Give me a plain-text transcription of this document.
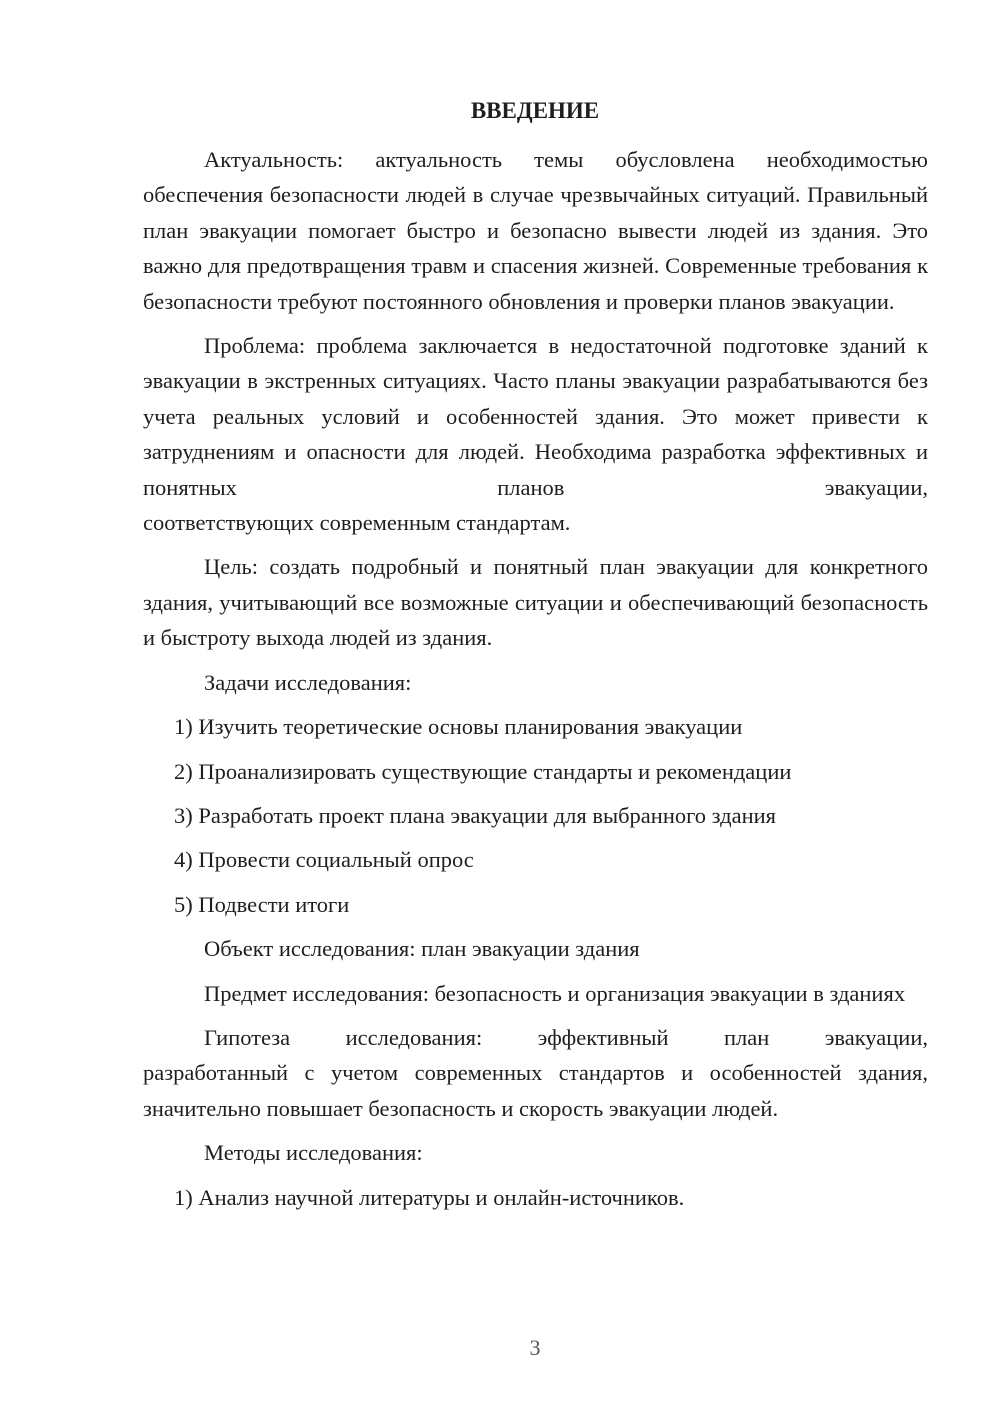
ВВЕДЕНИЕ

Актуальность: актуальность темы обусловлена необходимостью обеспечения безопасности людей в случае чрезвычайных ситуаций. Правильный план эвакуации помогает быстро и безопасно вывести людей из здания. Это важно для предотвращения травм и спасения жизней. Современные требования к безопасности требуют постоянного обновления и проверки планов эвакуации.

Проблема: проблема заключается в недостаточной подготовке зданий к эвакуации в экстренных ситуациях. Часто планы эвакуации разрабатываются без учета реальных условий и особенностей здания. Это может привести к затруднениям и опасности для людей. Необходима разработка эффективных и понятных планов эвакуации,

соответствующих современным стандартам.

Цель: создать подробный и понятный план эвакуации для конкретного здания, учитывающий все возможные ситуации и обеспечивающий безопасность и быстроту выхода людей из здания.

Задачи исследования:

1) Изучить теоретические основы планирования эвакуации

2) Проанализировать существующие стандарты и рекомендации

3) Разработать проект плана эвакуации для выбранного здания

4) Провести социальный опрос

5) Подвести итоги

Объект исследования: план эвакуации здания

Предмет исследования: безопасность и организация эвакуации в зданиях

Гипотеза исследования: эффективный план эвакуации,

разработанный с учетом современных стандартов и особенностей здания, значительно повышает безопасность и скорость эвакуации людей.

Методы исследования:

1) Анализ научной литературы и онлайн-источников.

3
